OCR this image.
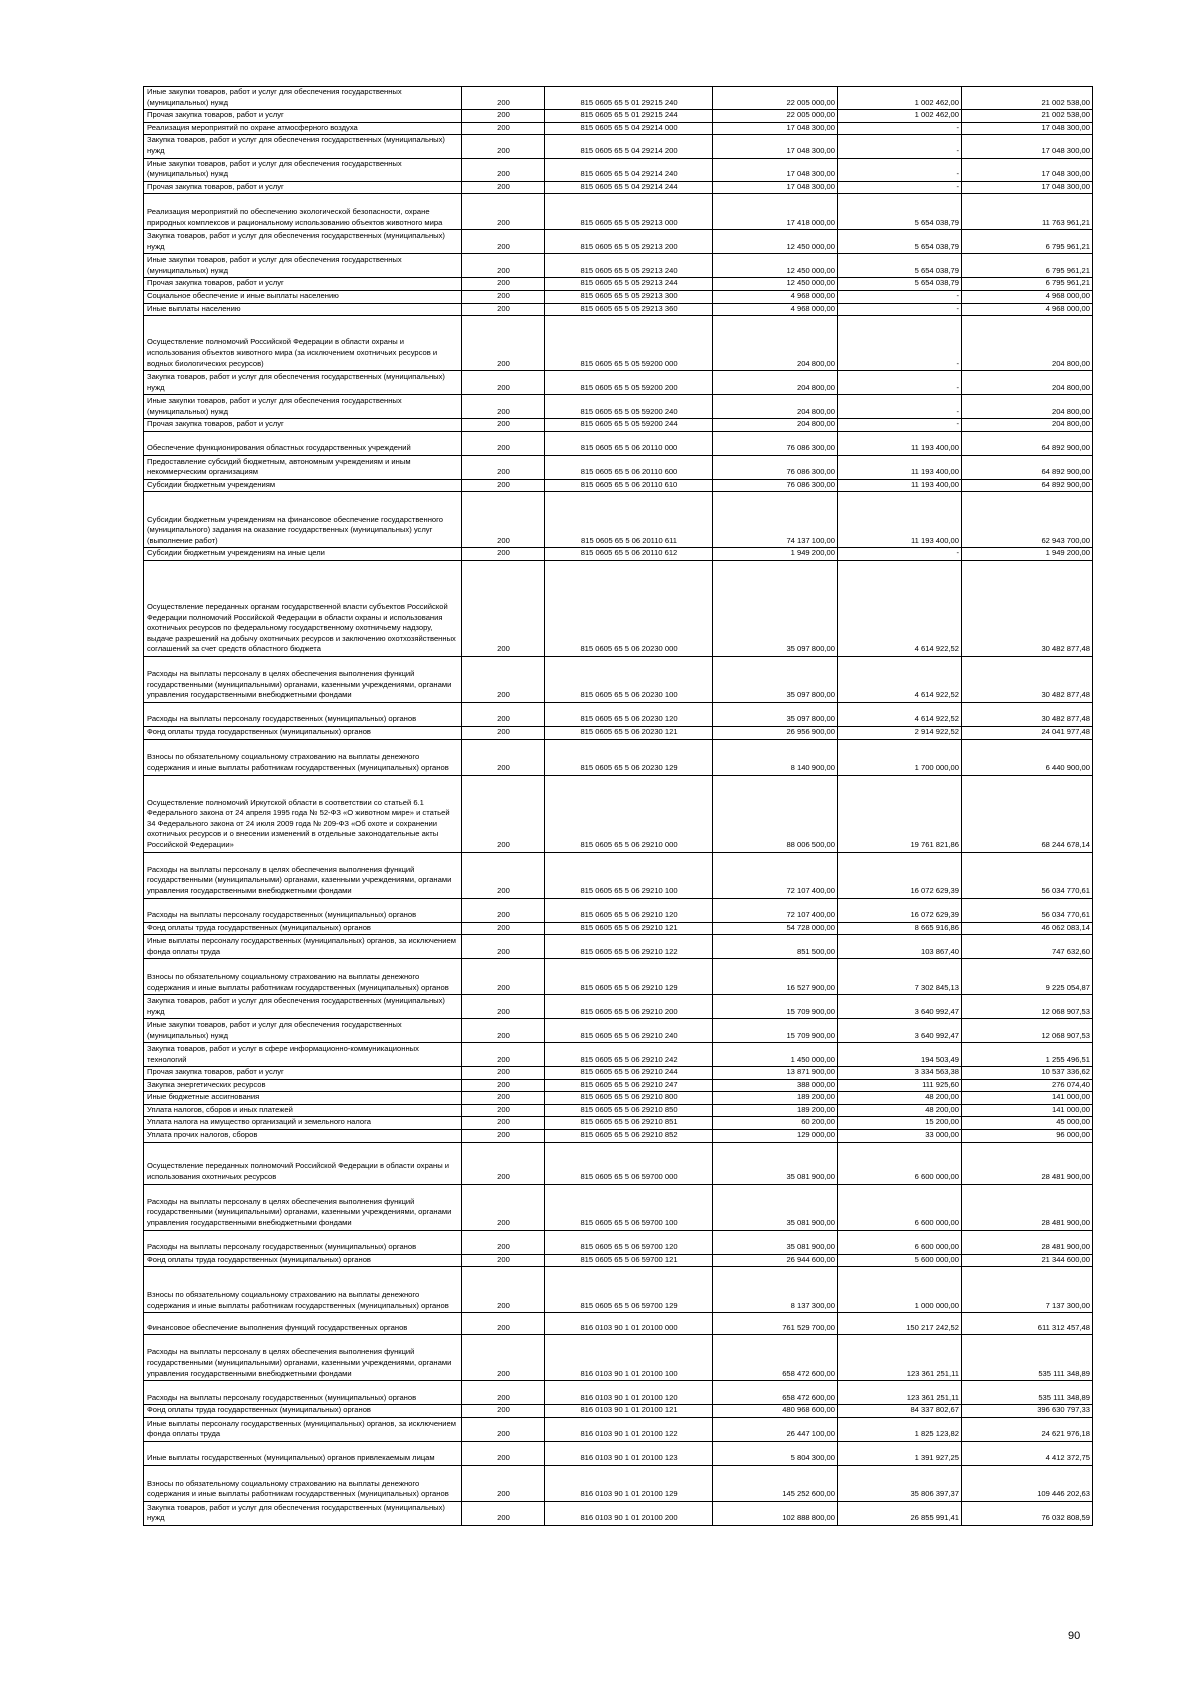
Иные закупки товаров, работ и услуг для обеспечения государственных (муниципальных) нужд	200	815 0605 65 5 01 29215 240	22 005 000,00	1 002 462,00	21 002 538,00
Прочая закупка товаров, работ и услуг	200	815 0605 65 5 01 29215 244	22 005 000,00	1 002 462,00	21 002 538,00
Реализация мероприятий по охране атмосферного воздуха	200	815 0605 65 5 04 29214 000	17 048 300,00	-	17 048 300,00
Закупка товаров, работ и услуг для обеспечения государственных (муниципальных) нужд	200	815 0605 65 5 04 29214 200	17 048 300,00	-	17 048 300,00
Иные закупки товаров, работ и услуг для обеспечения государственных (муниципальных) нужд	200	815 0605 65 5 04 29214 240	17 048 300,00	-	17 048 300,00
Прочая закупка товаров, работ и услуг	200	815 0605 65 5 04 29214 244	17 048 300,00	-	17 048 300,00
Реализация мероприятий по обеспечению экологической безопасности, охране природных комплексов и рациональному использованию объектов животного мира	200	815 0605 65 5 05 29213 000	17 418 000,00	5 654 038,79	11 763 961,21
Закупка товаров, работ и услуг для обеспечения государственных (муниципальных) нужд	200	815 0605 65 5 05 29213 200	12 450 000,00	5 654 038,79	6 795 961,21
Иные закупки товаров, работ и услуг для обеспечения государственных (муниципальных) нужд	200	815 0605 65 5 05 29213 240	12 450 000,00	5 654 038,79	6 795 961,21
Прочая закупка товаров, работ и услуг	200	815 0605 65 5 05 29213 244	12 450 000,00	5 654 038,79	6 795 961,21
Социальное обеспечение и иные выплаты населению	200	815 0605 65 5 05 29213 300	4 968 000,00	-	4 968 000,00
Иные выплаты населению	200	815 0605 65 5 05 29213 360	4 968 000,00	-	4 968 000,00
Осуществление полномочий Российской Федерации в области охраны и использования объектов животного мира (за исключением охотничьих ресурсов и водных биологических ресурсов)	200	815 0605 65 5 05 59200 000	204 800,00	-	204 800,00
Закупка товаров, работ и услуг для обеспечения государственных (муниципальных) нужд	200	815 0605 65 5 05 59200 200	204 800,00	-	204 800,00
Иные закупки товаров, работ и услуг для обеспечения государственных (муниципальных) нужд	200	815 0605 65 5 05 59200 240	204 800,00	-	204 800,00
Прочая закупка товаров, работ и услуг	200	815 0605 65 5 05 59200 244	204 800,00	-	204 800,00
Обеспечение функционирования областных государственных учреждений	200	815 0605 65 5 06 20110 000	76 086 300,00	11 193 400,00	64 892 900,00
Предоставление субсидий бюджетным, автономным учреждениям и иным некоммерческим организациям	200	815 0605 65 5 06 20110 600	76 086 300,00	11 193 400,00	64 892 900,00
Субсидии бюджетным учреждениям	200	815 0605 65 5 06 20110 610	76 086 300,00	11 193 400,00	64 892 900,00
Субсидии бюджетным учреждениям на финансовое обеспечение государственного (муниципального) задания на оказание государственных (муниципальных) услуг (выполнение работ)	200	815 0605 65 5 06 20110 611	74 137 100,00	11 193 400,00	62 943 700,00
Субсидии бюджетным учреждениям на иные цели	200	815 0605 65 5 06 20110 612	1 949 200,00	-	1 949 200,00
Осуществление переданных органам государственной власти субъектов Российской Федерации полномочий Российской Федерации в области охраны и использования охотничьих ресурсов по федеральному государственному охотничьему надзору, выдаче разрешений на добычу охотничьих ресурсов и заключению охотхозяйственных соглашений за счет средств областного бюджета	200	815 0605 65 5 06 20230 000	35 097 800,00	4 614 922,52	30 482 877,48
Расходы на выплаты персоналу в целях обеспечения выполнения функций государственными (муниципальными) органами, казенными учреждениями, органами управления государственными внебюджетными фондами	200	815 0605 65 5 06 20230 100	35 097 800,00	4 614 922,52	30 482 877,48
Расходы на выплаты персоналу государственных (муниципальных) органов	200	815 0605 65 5 06 20230 120	35 097 800,00	4 614 922,52	30 482 877,48
Фонд оплаты труда государственных (муниципальных) органов	200	815 0605 65 5 06 20230 121	26 956 900,00	2 914 922,52	24 041 977,48
Взносы по обязательному социальному страхованию на выплаты денежного содержания и иные выплаты работникам государственных (муниципальных) органов	200	815 0605 65 5 06 20230 129	8 140 900,00	1 700 000,00	6 440 900,00
Осуществление полномочий Иркутской области в соответствии со статьей 6.1 Федерального закона от 24 апреля 1995 года № 52-ФЗ «О животном мире» и статьей 34 Федерального закона от 24 июля 2009 года № 209-ФЗ «Об охоте и сохранении охотничьих ресурсов и о внесении изменений в отдельные законодательные акты Российской Федерации»	200	815 0605 65 5 06 29210 000	88 006 500,00	19 761 821,86	68 244 678,14
Расходы на выплаты персоналу в целях обеспечения выполнения функций государственными (муниципальными) органами, казенными учреждениями, органами управления государственными внебюджетными фондами	200	815 0605 65 5 06 29210 100	72 107 400,00	16 072 629,39	56 034 770,61
Расходы на выплаты персоналу государственных (муниципальных) органов	200	815 0605 65 5 06 29210 120	72 107 400,00	16 072 629,39	56 034 770,61
Фонд оплаты труда государственных (муниципальных) органов	200	815 0605 65 5 06 29210 121	54 728 000,00	8 665 916,86	46 062 083,14
Иные выплаты персоналу государственных (муниципальных) органов, за исключением фонда оплаты труда	200	815 0605 65 5 06 29210 122	851 500,00	103 867,40	747 632,60
Взносы по обязательному социальному страхованию на выплаты денежного содержания и иные выплаты работникам государственных (муниципальных) органов	200	815 0605 65 5 06 29210 129	16 527 900,00	7 302 845,13	9 225 054,87
Закупка товаров, работ и услуг для обеспечения государственных (муниципальных) нужд	200	815 0605 65 5 06 29210 200	15 709 900,00	3 640 992,47	12 068 907,53
Иные закупки товаров, работ и услуг для обеспечения государственных (муниципальных) нужд	200	815 0605 65 5 06 29210 240	15 709 900,00	3 640 992,47	12 068 907,53
Закупка товаров, работ и услуг в сфере информационно-коммуникационных технологий	200	815 0605 65 5 06 29210 242	1 450 000,00	194 503,49	1 255 496,51
Прочая закупка товаров, работ и услуг	200	815 0605 65 5 06 29210 244	13 871 900,00	3 334 563,38	10 537 336,62
Закупка энергетических ресурсов	200	815 0605 65 5 06 29210 247	388 000,00	111 925,60	276 074,40
Иные бюджетные ассигнования	200	815 0605 65 5 06 29210 800	189 200,00	48 200,00	141 000,00
Уплата налогов, сборов и иных платежей	200	815 0605 65 5 06 29210 850	189 200,00	48 200,00	141 000,00
Уплата налога на имущество организаций и земельного налога	200	815 0605 65 5 06 29210 851	60 200,00	15 200,00	45 000,00
Уплата прочих налогов, сборов	200	815 0605 65 5 06 29210 852	129 000,00	33 000,00	96 000,00
Осуществление переданных полномочий Российской Федерации в области охраны и использования охотничьих ресурсов	200	815 0605 65 5 06 59700 000	35 081 900,00	6 600 000,00	28 481 900,00
Расходы на выплаты персоналу в целях обеспечения выполнения функций государственными (муниципальными) органами, казенными учреждениями, органами управления государственными внебюджетными фондами	200	815 0605 65 5 06 59700 100	35 081 900,00	6 600 000,00	28 481 900,00
Расходы на выплаты персоналу государственных (муниципальных) органов	200	815 0605 65 5 06 59700 120	35 081 900,00	6 600 000,00	28 481 900,00
Фонд оплаты труда государственных (муниципальных) органов	200	815 0605 65 5 06 59700 121	26 944 600,00	5 600 000,00	21 344 600,00
Взносы по обязательному социальному страхованию на выплаты денежного содержания и иные выплаты работникам государственных (муниципальных) органов	200	815 0605 65 5 06 59700 129	8 137 300,00	1 000 000,00	7 137 300,00
Финансовое обеспечение выполнения функций государственных органов	200	816 0103 90 1 01 20100 000	761 529 700,00	150 217 242,52	611 312 457,48
Расходы на выплаты персоналу в целях обеспечения выполнения функций государственными (муниципальными) органами, казенными учреждениями, органами управления государственными внебюджетными фондами	200	816 0103 90 1 01 20100 100	658 472 600,00	123 361 251,11	535 111 348,89
Расходы на выплаты персоналу государственных (муниципальных) органов	200	816 0103 90 1 01 20100 120	658 472 600,00	123 361 251,11	535 111 348,89
Фонд оплаты труда государственных (муниципальных) органов	200	816 0103 90 1 01 20100 121	480 968 600,00	84 337 802,67	396 630 797,33
Иные выплаты персоналу государственных (муниципальных) органов, за исключением фонда оплаты труда	200	816 0103 90 1 01 20100 122	26 447 100,00	1 825 123,82	24 621 976,18
Иные выплаты государственных (муниципальных) органов привлекаемым лицам	200	816 0103 90 1 01 20100 123	5 804 300,00	1 391 927,25	4 412 372,75
Взносы по обязательному социальному страхованию на выплаты денежного содержания и иные выплаты работникам государственных (муниципальных) органов	200	816 0103 90 1 01 20100 129	145 252 600,00	35 806 397,37	109 446 202,63
Закупка товаров, работ и услуг для обеспечения государственных (муниципальных) нужд	200	816 0103 90 1 01 20100 200	102 888 800,00	26 855 991,41	76 032 808,59
90
